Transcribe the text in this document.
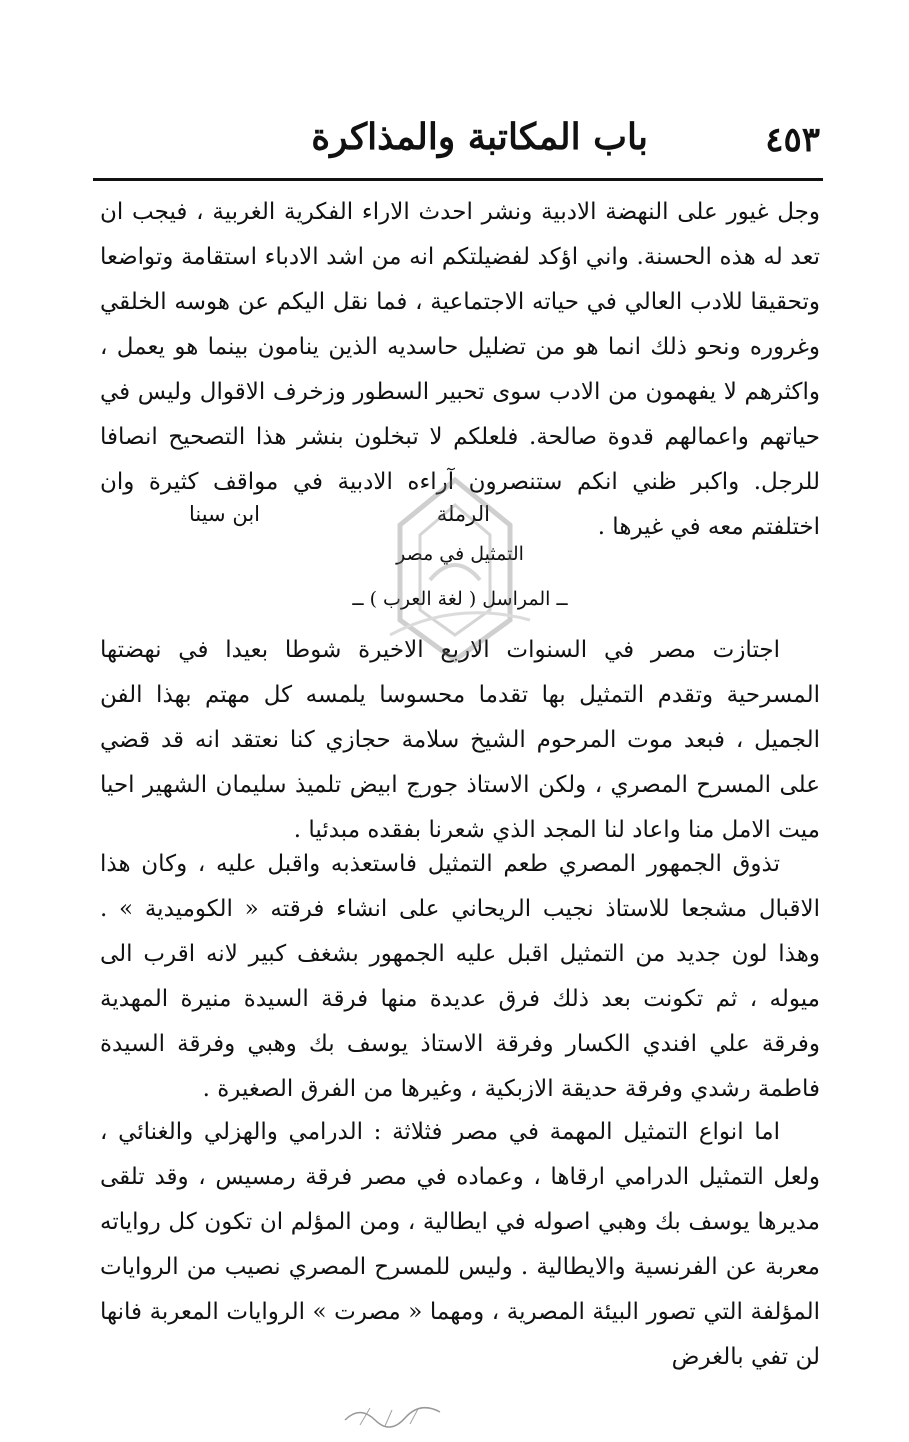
٤٥٣
باب المكاتبة والمذاكرة
وجل غيور على النهضة الادبية ونشر احدث الاراء الفكرية الغربية ، فيجب ان تعد له هذه الحسنة. واني اؤكد لفضيلتكم انه من اشد الادباء استقامة وتواضعا وتحقيقا للادب العالي في حياته الاجتماعية ، فما نقل اليكم عن هوسه الخلقي وغروره ونحو ذلك انما هو من تضليل حاسديه الذين ينامون بينما هو يعمل ، واكثرهم لا يفهمون من الادب سوى تحبير السطور وزخرف الاقوال وليس في حياتهم واعمالهم قدوة صالحة. فلعلكم لا تبخلون بنشر هذا التصحيح انصافا للرجل. واكبر ظني انكم ستنصرون آراءه الادبية في مواقف كثيرة وان اختلفتم معه في غيرها .
الرملة
ابن سينا
التمثيل في مصر
ــ المراسل ( لغة العرب ) ــ
اجتازت مصر في السنوات الاربع الاخيرة شوطا بعيدا في نهضتها المسرحية وتقدم التمثيل بها تقدما محسوسا يلمسه كل مهتم بهذا الفن الجميل ، فبعد موت المرحوم الشيخ سلامة حجازي كنا نعتقد انه قد قضي على المسرح المصري ، ولكن الاستاذ جورج ابيض تلميذ سليمان الشهير احيا ميت الامل منا واعاد لنا المجد الذي شعرنا بفقده مبدئيا .
تذوق الجمهور المصري طعم التمثيل فاستعذبه واقبل عليه ، وكان هذا الاقبال مشجعا للاستاذ نجيب الريحاني على انشاء فرقته « الكوميدية » . وهذا لون جديد من التمثيل اقبل عليه الجمهور بشغف كبير لانه اقرب الى ميوله ، ثم تكونت بعد ذلك فرق عديدة منها فرقة السيدة منيرة المهدية وفرقة علي افندي الكسار وفرقة الاستاذ يوسف بك وهبي وفرقة السيدة فاطمة رشدي وفرقة حديقة الازبكية ، وغيرها من الفرق الصغيرة .
اما انواع التمثيل المهمة في مصر فثلاثة : الدرامي والهزلي والغنائي ، ولعل التمثيل الدرامي ارقاها ، وعماده في مصر فرقة رمسيس ، وقد تلقى مديرها يوسف بك وهبي اصوله في ايطالية ، ومن المؤلم ان تكون كل رواياته معربة عن الفرنسية والايطالية . وليس للمسرح المصري نصيب من الروايات المؤلفة التي تصور البيئة المصرية ، ومهما « مصرت » الروايات المعربة فانها لن تفي بالغرض
